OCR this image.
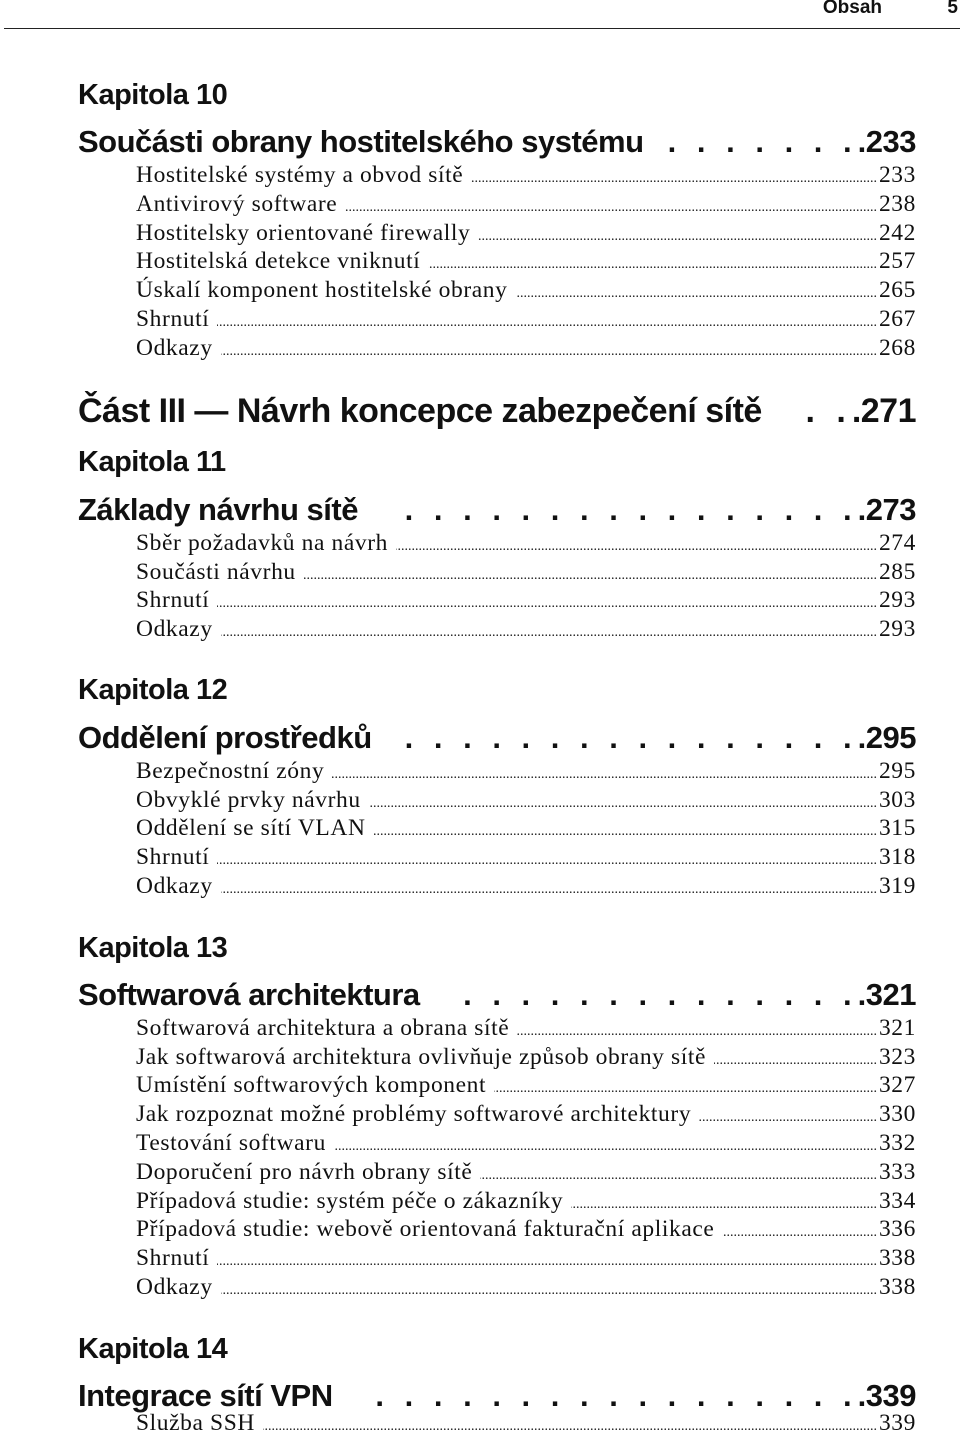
Obsah	5
Kapitola 10
Součásti obrany hostitelského systému . . .	.233
Hostitelské systémy a obvod sítě .....	233
Antivirový software .....	238
Hostitelsky orientované firewally .....	242
Hostitelská detekce vniknutí .....	257
Úskalí komponent hostitelské obrany .....	265
Shrnutí .....	267
Odkazy .....	268
Část III — Návrh koncepce zabezpečení sítě . . .	.271
Kapitola 11
Základy návrhu sítě . . .	.273
Sběr požadavků na návrh .....	274
Součásti návrhu .....	285
Shrnutí .....	293
Odkazy .....	293
Kapitola 12
Oddělení prostředků . . .	.295
Bezpečnostní zóny .....	295
Obvyklé prvky návrhu .....	303
Oddělení se sítí VLAN .....	315
Shrnutí .....	318
Odkazy .....	319
Kapitola 13
Softwarová architektura . . .	.321
Softwarová architektura a obrana sítě .....	321
Jak softwarová architektura ovlivňuje způsob obrany sítě .....	323
Umístění softwarových komponent .....	327
Jak rozpoznat možné problémy softwarové architektury .....	330
Testování softwaru .....	332
Doporučení pro návrh obrany sítě .....	333
Případová studie: systém péče o zákazníky .....	334
Případová studie: webově orientovaná fakturační aplikace .....	336
Shrnutí .....	338
Odkazy .....	338
Kapitola 14
Integrace sítí VPN . . .	.339
Služba SSH .....	339
